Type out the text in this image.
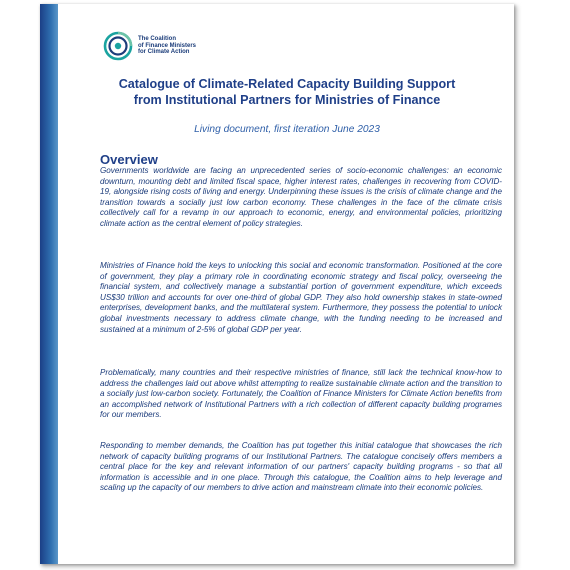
The Coalition
of Finance Ministers
for Climate Action
Catalogue of Climate-Related Capacity Building Support
from Institutional Partners for Ministries of Finance
Living document, first iteration June 2023
Overview
Governments worldwide are facing an unprecedented series of socio-economic challenges: an economic downturn, mounting debt and limited fiscal space, higher interest rates, challenges in recovering from COVID-19, alongside rising costs of living and energy. Underpinning these issues is the crisis of climate change and the transition towards a socially just low carbon economy. These challenges in the face of the climate crisis collectively call for a revamp in our approach to economic, energy, and environmental policies, prioritizing climate action as the central element of policy strategies.
Ministries of Finance hold the keys to unlocking this social and economic transformation. Positioned at the core of government, they play a primary role in coordinating economic strategy and fiscal policy, overseeing the financial system, and collectively manage a substantial portion of government expenditure, which exceeds US$30 trillion and accounts for over one-third of global GDP. They also hold ownership stakes in state-owned enterprises, development banks, and the multilateral system. Furthermore, they possess the potential to unlock global investments necessary to address climate change, with the funding needing to be increased and sustained at a minimum of 2-5% of global GDP per year.
Problematically, many countries and their respective ministries of finance, still lack the technical know-how to address the challenges laid out above whilst attempting to realize sustainable climate action and the transition to a socially just low-carbon society. Fortunately, the Coalition of Finance Ministers for Climate Action benefits from an accomplished network of Institutional Partners with a rich collection of different capacity building programes for our members.
Responding to member demands, the Coalition has put together this initial catalogue that showcases the rich network of capacity building programs of our Institutional Partners. The catalogue concisely offers members a central place for the key and relevant information of our partners' capacity building programs - so that all information is accessible and in one place. Through this catalogue, the Coalition aims to help leverage and scaling up the capacity of our members to drive action and mainstream climate into their economic policies.
